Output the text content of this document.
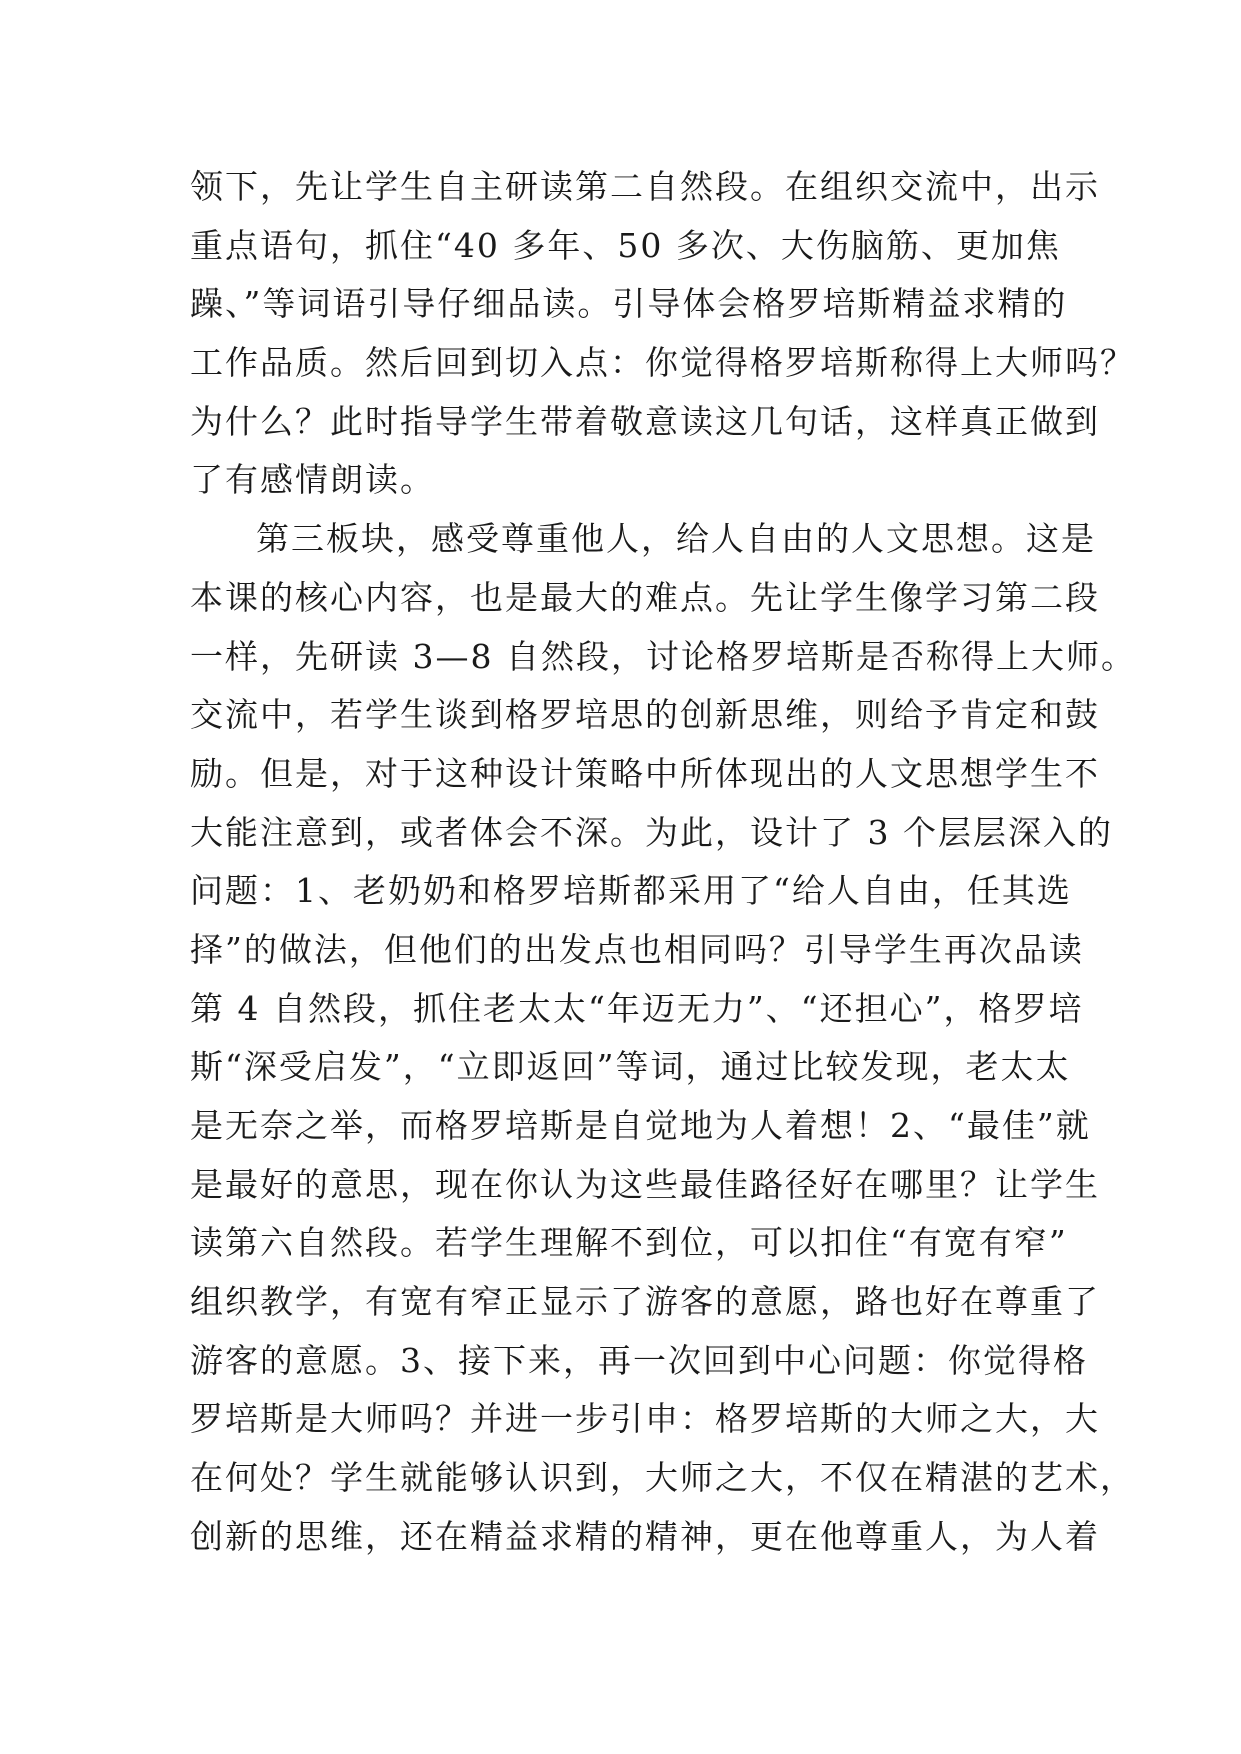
领下，先让学生自主研读第二自然段。在组织交流中，出示
重点语句，抓住“40 多年、50 多次、大伤脑筋、更加焦
躁、”等词语引导仔细品读。引导体会格罗培斯精益求精的
工作品质。然后回到切入点：你觉得格罗培斯称得上大师吗？
为什么？此时指导学生带着敬意读这几句话，这样真正做到
了有感情朗读。
第三板块，感受尊重他人，给人自由的人文思想。这是
本课的核心内容，也是最大的难点。先让学生像学习第二段
一样，先研读 3—8 自然段，讨论格罗培斯是否称得上大师。
交流中，若学生谈到格罗培思的创新思维，则给予肯定和鼓
励。但是，对于这种设计策略中所体现出的人文思想学生不
大能注意到，或者体会不深。为此，设计了 3 个层层深入的
问题：1、老奶奶和格罗培斯都采用了“给人自由，任其选
择”的做法，但他们的出发点也相同吗？引导学生再次品读
第 4 自然段，抓住老太太“年迈无力”、“还担心”，格罗培
斯“深受启发”，“立即返回”等词，通过比较发现，老太太
是无奈之举，而格罗培斯是自觉地为人着想！2、“最佳”就
是最好的意思，现在你认为这些最佳路径好在哪里？让学生
读第六自然段。若学生理解不到位，可以扣住“有宽有窄”
组织教学，有宽有窄正显示了游客的意愿，路也好在尊重了
游客的意愿。3、接下来，再一次回到中心问题：你觉得格
罗培斯是大师吗？并进一步引申：格罗培斯的大师之大，大
在何处？学生就能够认识到，大师之大，不仅在精湛的艺术，
创新的思维，还在精益求精的精神，更在他尊重人，为人着
